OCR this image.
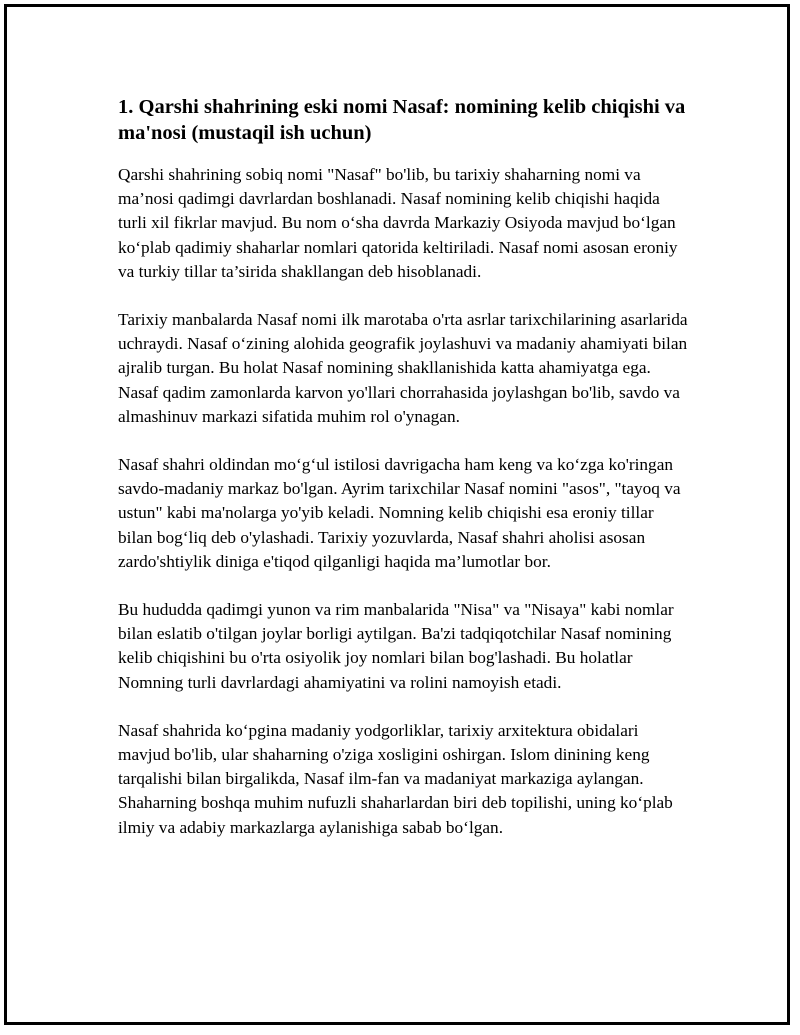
1. Qarshi shahrining eski nomi Nasaf: nomining kelib chiqishi va ma'nosi (mustaqil ish uchun)

Qarshi shahrining sobiq nomi "Nasaf" bo'lib, bu tarixiy shaharning nomi va ma’nosi qadimgi davrlardan boshlanadi. Nasaf nomining kelib chiqishi haqida turli xil fikrlar mavjud. Bu nom o‘sha davrda Markaziy Osiyoda mavjud bo‘lgan ko‘plab qadimiy shaharlar nomlari qatorida keltiriladi. Nasaf nomi asosan eroniy va turkiy tillar ta’sirida shakllangan deb hisoblanadi.

Tarixiy manbalarda Nasaf nomi ilk marotaba o'rta asrlar tarixchilarining asarlarida uchraydi. Nasaf o‘zining alohida geografik joylashuvi va madaniy ahamiyati bilan ajralib turgan. Bu holat Nasaf nomining shakllanishida katta ahamiyatga ega. Nasaf qadim zamonlarda karvon yo'llari chorrahasida joylashgan bo'lib, savdo va almashinuv markazi sifatida muhim rol o'ynagan.

Nasaf shahri oldindan mo‘g‘ul istilosi davrigacha ham keng va ko‘zga ko'ringan savdo-madaniy markaz bo'lgan. Ayrim tarixchilar Nasaf nomini "asos", "tayoq va ustun" kabi ma'nolarga yo'yib keladi. Nomning kelib chiqishi esa eroniy tillar bilan bog‘liq deb o'ylashadi. Tarixiy yozuvlarda, Nasaf shahri aholisi asosan zardo'shtiylik diniga e'tiqod qilganligi haqida ma’lumotlar bor.

Bu hududda qadimgi yunon va rim manbalarida "Nisa" va "Nisaya" kabi nomlar bilan eslatib o'tilgan joylar borligi aytilgan. Ba'zi tadqiqotchilar Nasaf nomining kelib chiqishini bu o'rta osiyolik joy nomlari bilan bog'lashadi. Bu holatlar Nomning turli davrlardagi ahamiyatini va rolini namoyish etadi.

Nasaf shahrida ko‘pgina madaniy yodgorliklar, tarixiy arxitektura obidalari mavjud bo'lib, ular shaharning o'ziga xosligini oshirgan. Islom dinining keng tarqalishi bilan birgalikda, Nasaf ilm-fan va madaniyat markaziga aylangan. Shaharning boshqa muhim nufuzli shaharlardan biri deb topilishi, uning ko‘plab ilmiy va adabiy markazlarga aylanishiga sabab bo‘lgan.
